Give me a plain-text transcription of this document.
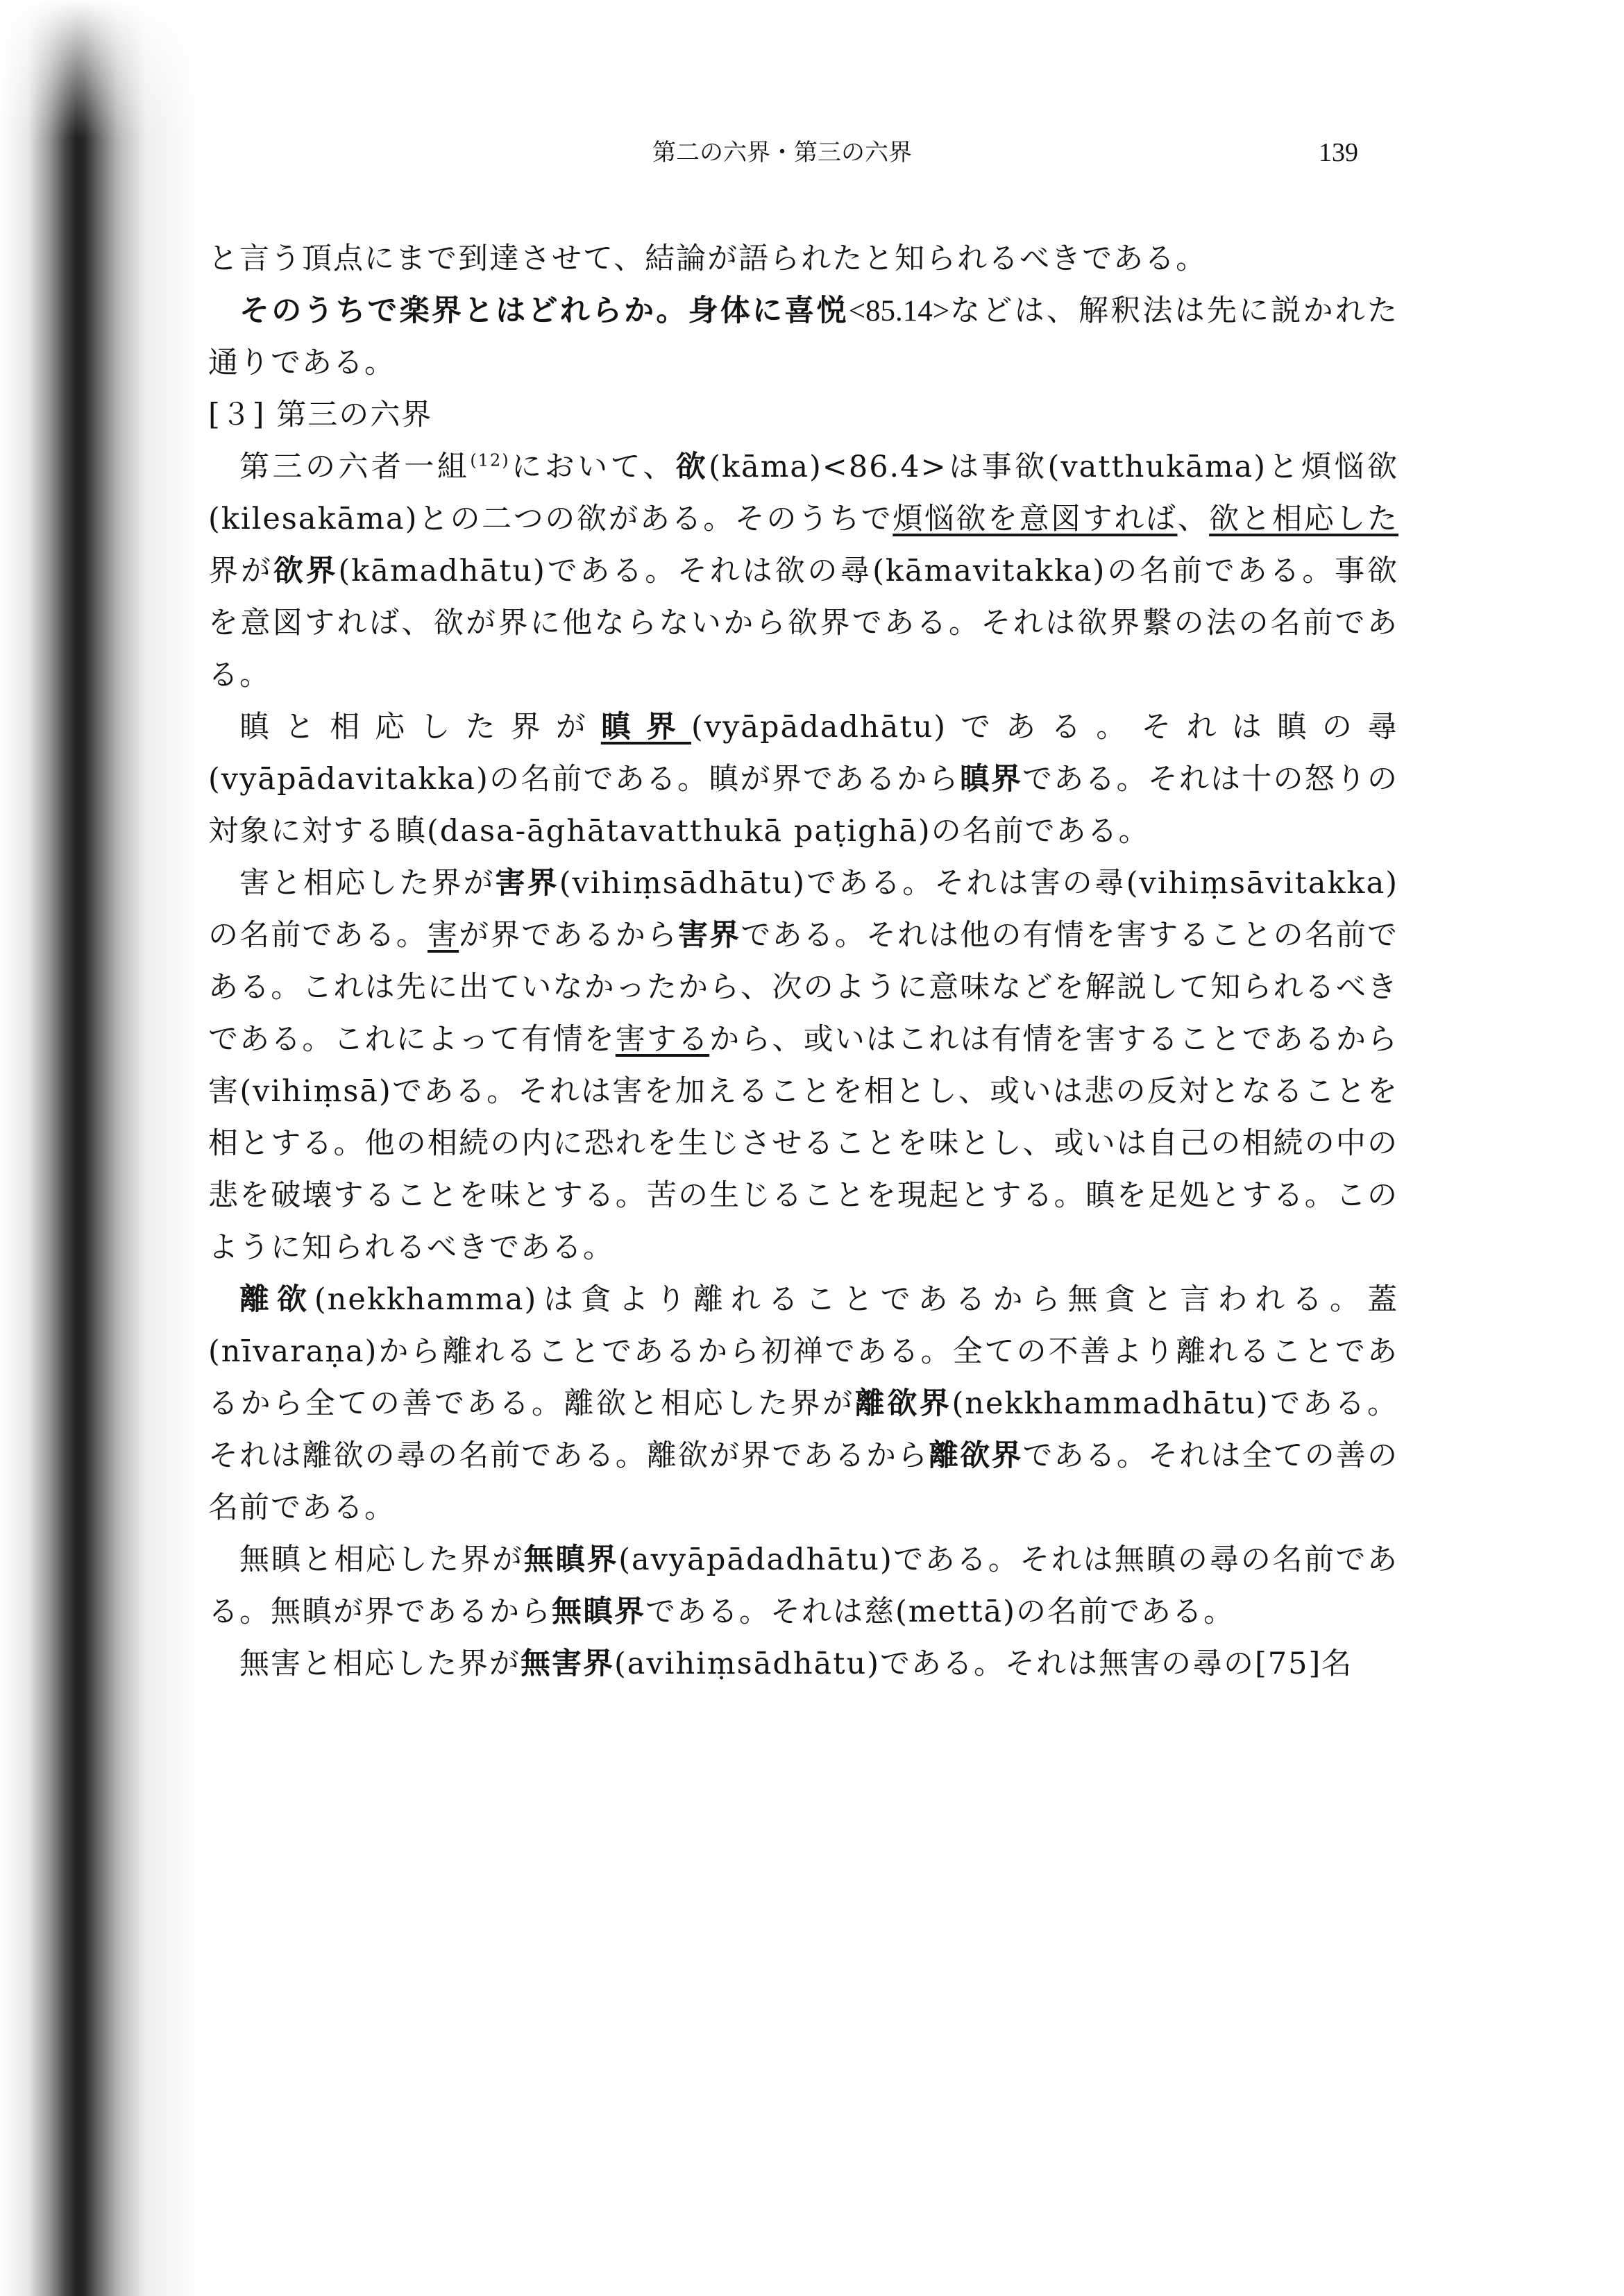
第二の六界・第三の六界	139

と言う頂点にまで到達させて、結論が語られたと知られるべきである。

そのうちで楽界とはどれらか。身体に喜悦<85.14>などは、解釈法は先に説かれた通りである。

[３] 第三の六界

第三の六者一組$^{(12)}$において、欲(kāma)<86.4>は事欲(vatthukāma)と煩悩欲(kilesakāma)との二つの欲がある。そのうちで煩悩欲を意図すれば、欲と相応した界が欲界(kāmadhātu)である。それは欲の尋(kāmavitakka)の名前である。事欲を意図すれば、欲が界に他ならないから欲界である。それは欲界繋の法の名前である。

瞋と相応した界が瞋界(vyāpādadhātu)である。それは瞋の尋(vyāpādavitakka)の名前である。瞋が界であるから瞋界である。それは十の怒りの対象に対する瞋(dasa-āghātavatthukā paṭighā)の名前である。

害と相応した界が害界(vihiṃsādhātu)である。それは害の尋(vihiṃsāvitakka)の名前である。害が界であるから害界である。それは他の有情を害することの名前である。これは先に出ていなかったから、次のように意味などを解説して知られるべきである。これによって有情を害するから、或いはこれは有情を害することであるから害(vihiṃsā)である。それは害を加えることを相とし、或いは悲の反対となることを相とする。他の相続の内に恐れを生じさせることを味とし、或いは自己の相続の中の悲を破壊することを味とする。苦の生じることを現起とする。瞋を足処とする。このように知られるべきである。

離欲(nekkhamma)は貪より離れることであるから無貪と言われる。蓋(nīvaraṇa)から離れることであるから初禅である。全ての不善より離れることであるから全ての善である。離欲と相応した界が離欲界(nekkhammadhātu)である。それは離欲の尋の名前である。離欲が界であるから離欲界である。それは全ての善の名前である。

無瞋と相応した界が無瞋界(avyāpādadhātu)である。それは無瞋の尋の名前である。無瞋が界であるから無瞋界である。それは慈(mettā)の名前である。

無害と相応した界が無害界(avihiṃsādhātu)である。それは無害の尋の[75]名
